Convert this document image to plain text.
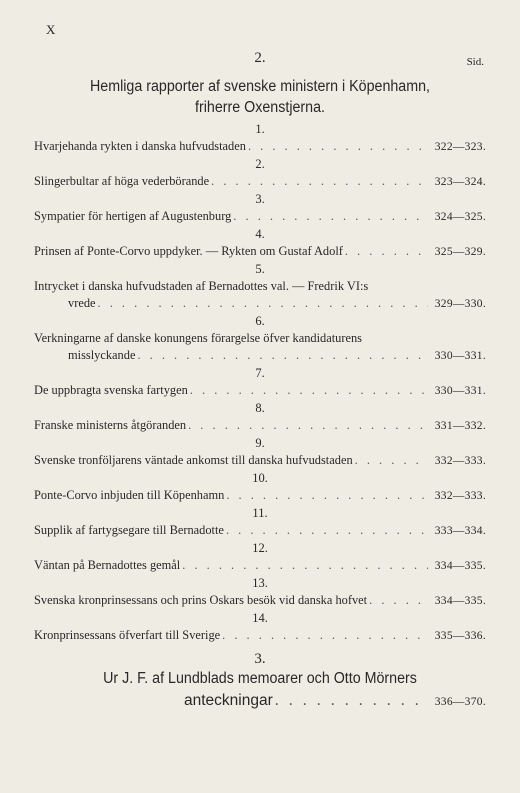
X
2.	Sid.
Hemliga rapporter af svenske ministern i Köpenhamn,
friherre Oxenstjerna.
1.
Hvarjehanda rykten i danska hufvudstaden . . .	322—323.
2.
Slingerbultar af höga vederbörande . . .	323—324.
3.
Sympatier för hertigen af Augustenburg . . .	324—325.
4.
Prinsen af Ponte-Corvo uppdyker. — Rykten om Gustaf Adolf . . .	325—329.
5.
Intrycket i danska hufvudstaden af Bernadottes val. — Fredrik VI:s
vrede . . .	329—330.
6.
Verkningarne af danske konungens förargelse öfver kandidaturens
misslyckande . . .	330—331.
7.
De uppbragta svenska fartygen . . .	330—331.
8.
Franske ministerns åtgöranden . . .	331—332.
9.
Svenske tronföljarens väntade ankomst till danska hufvudstaden . . .	332—333.
10.
Ponte-Corvo inbjuden till Köpenhamn . . .	332—333.
11.
Supplik af fartygsegare till Bernadotte . . .	333—334.
12.
Väntan på Bernadottes gemål . . .	334—335.
13.
Svenska kronprinsessans och prins Oskars besök vid danska hofvet . . .	334—335.
14.
Kronprinsessans öfverfart till Sverige . . .	335—336.
3.
Ur J. F. af Lundblads memoarer och Otto Mörners
anteckningar . . .	336—370.
